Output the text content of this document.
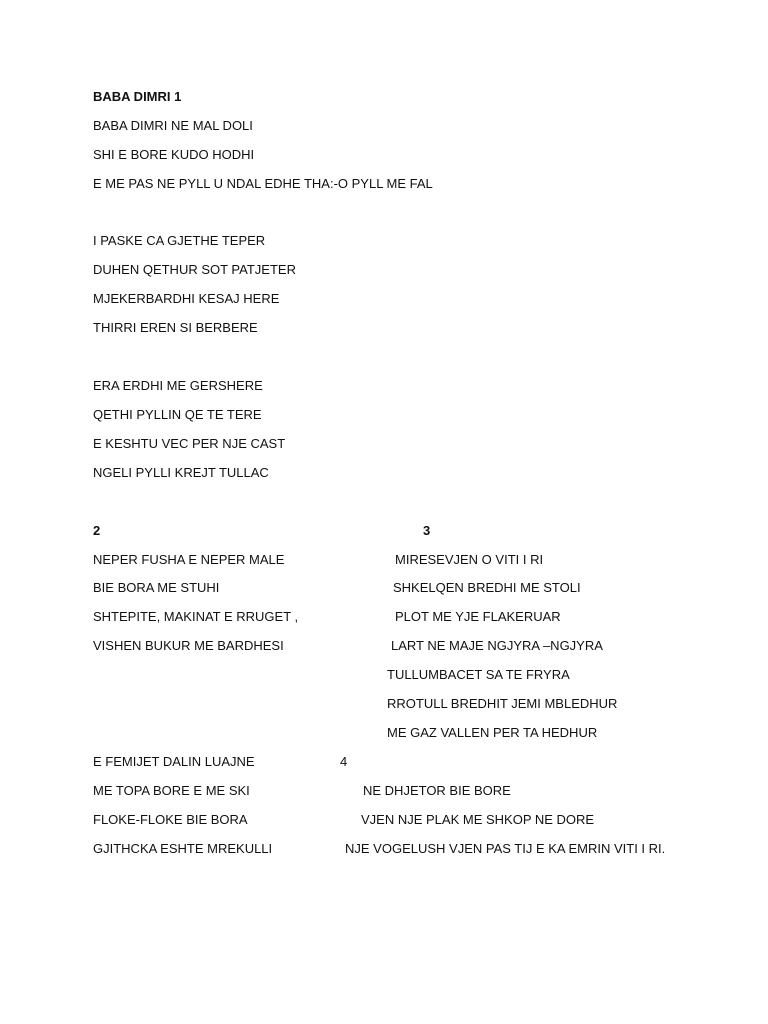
BABA DIMRI 1
BABA DIMRI NE MAL DOLI
SHI E BORE KUDO HODHI
E ME PAS NE PYLL U NDAL EDHE THA:-O PYLL ME FAL
I PASKE CA GJETHE TEPER
DUHEN QETHUR SOT PATJETER
MJEKERBARDHI KESAJ HERE
THIRRI EREN SI BERBERE
ERA ERDHI ME GERSHERE
QETHI PYLLIN QE TE TERE
E KESHTU VEC PER NJE CAST
NGELI PYLLI KREJT TULLAC
2	3
NEPER FUSHA E NEPER MALE
BIE BORA ME STUHI
SHTEPITE, MAKINAT E RRUGET ,
VISHEN BUKUR ME BARDHESI
MIRESEVJEN O VITI I RI
SHKELQEN BREDHI ME STOLI
PLOT ME YJE FLAKERUAR
LART NE MAJE NGJYRA –NGJYRA
TULLUMBACET SA TE FRYRA
RROTULL BREDHIT JEMI MBLEDHUR
ME GAZ VALLEN PER TA HEDHUR
E FEMIJET DALIN LUAJNE	4
ME TOPA BORE E ME SKI
FLOKE-FLOKE BIE BORA
GJITHCKA ESHTE MREKULLI
NE DHJETOR BIE BORE
VJEN NJE PLAK ME SHKOP NE DORE
NJE VOGELUSH VJEN PAS TIJ E KA EMRIN VITI I RI.
